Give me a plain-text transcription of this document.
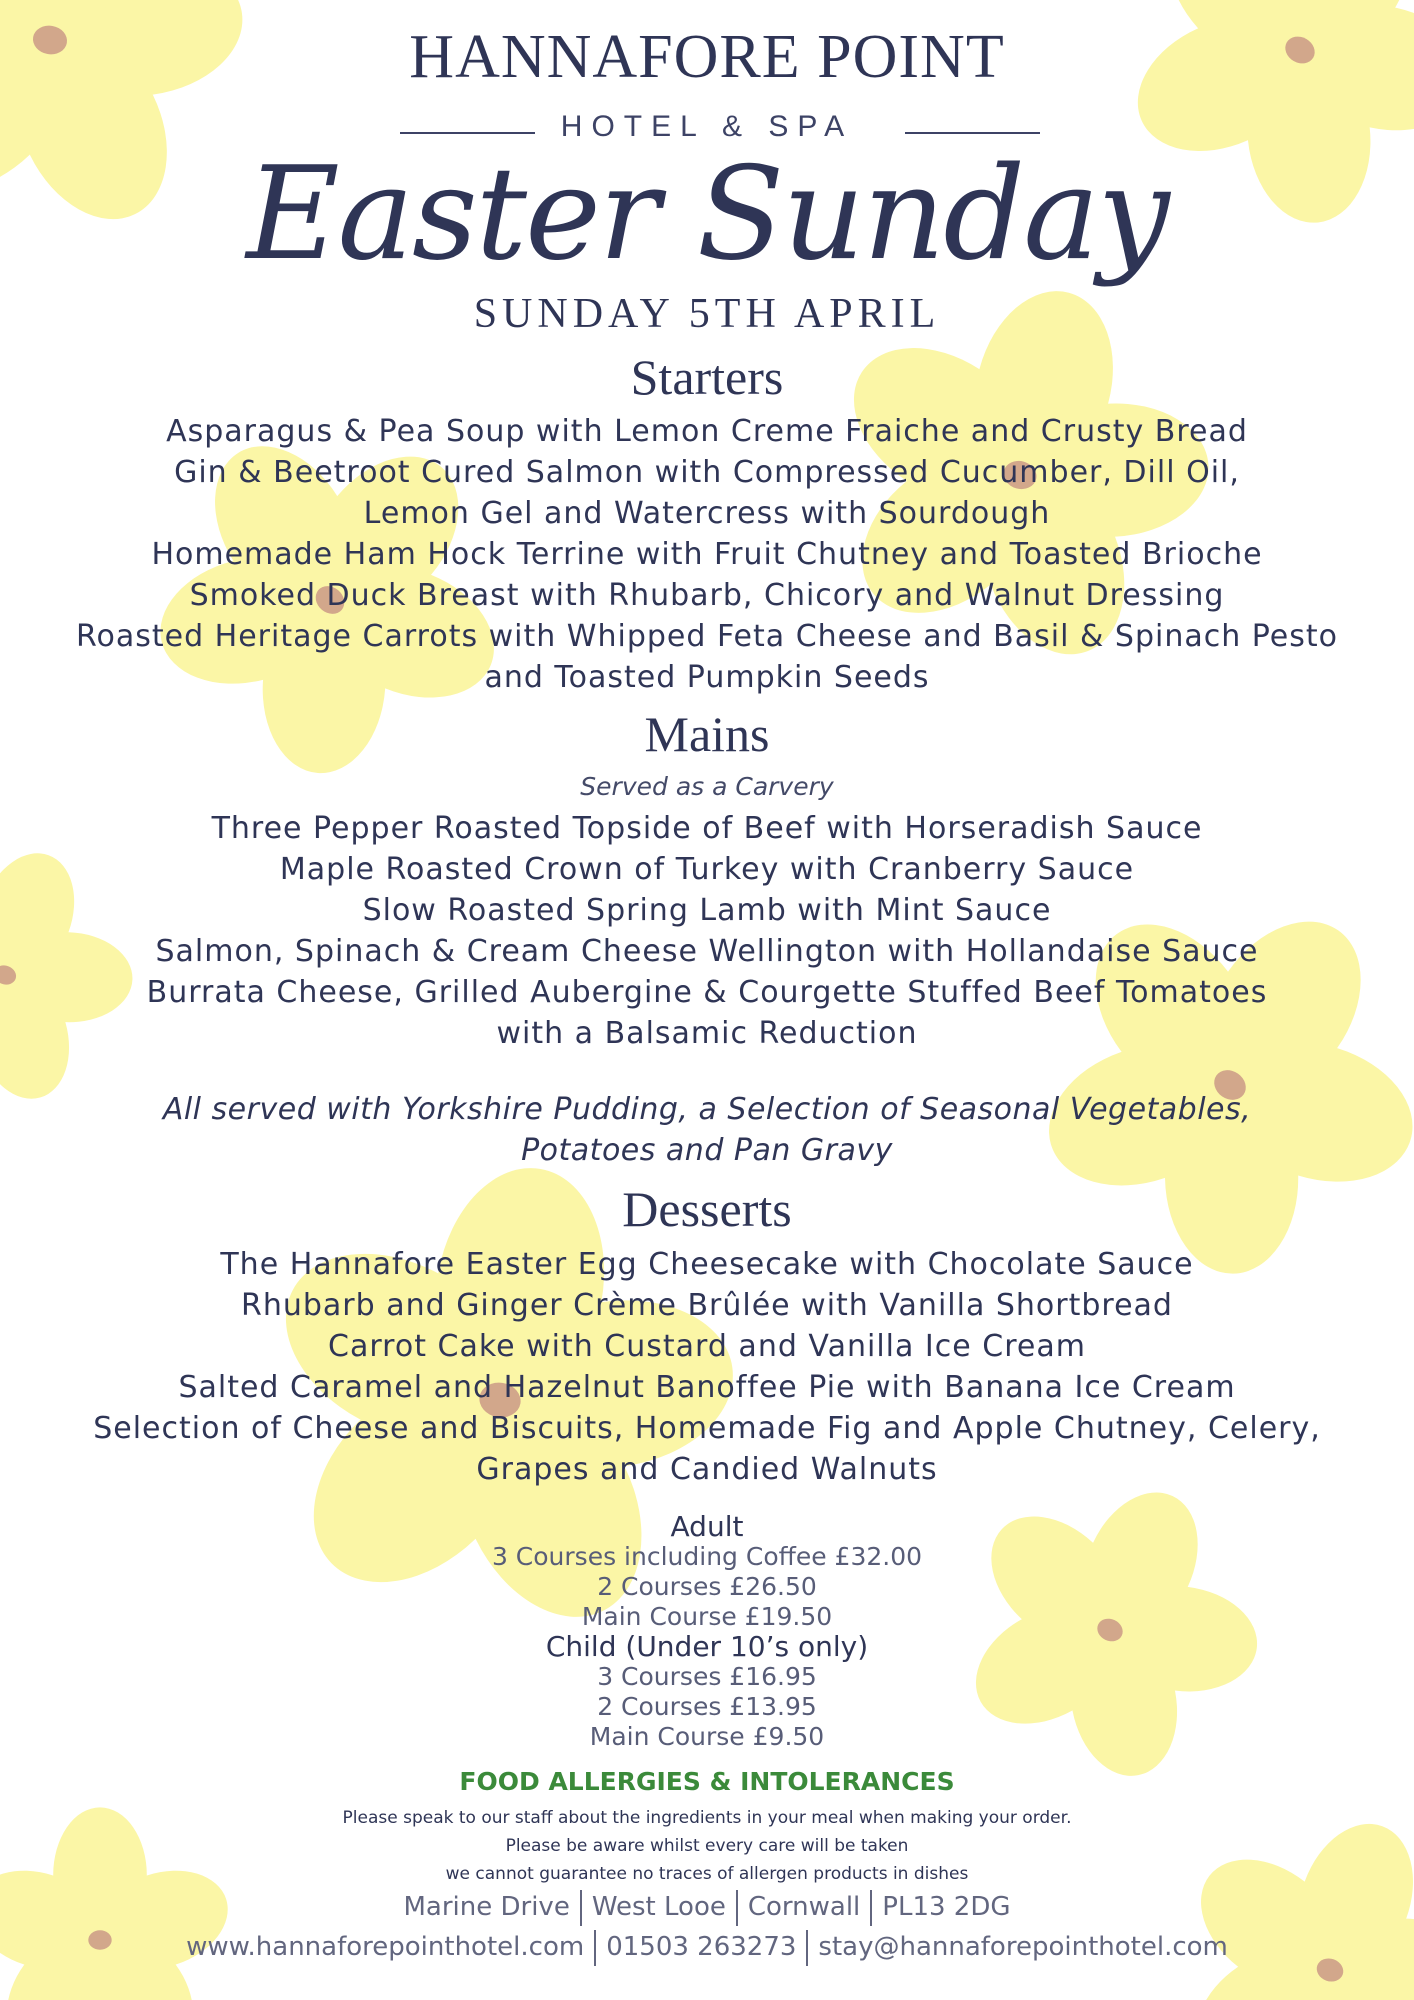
HANNAFORE POINT
HOTEL & SPA
Easter Sunday
SUNDAY 5TH APRIL
Starters
Asparagus & Pea Soup with Lemon Creme Fraiche and Crusty Bread
Gin & Beetroot Cured Salmon with Compressed Cucumber, Dill Oil,
Lemon Gel and Watercress with Sourdough
Homemade Ham Hock Terrine with Fruit Chutney and Toasted Brioche
Smoked Duck Breast with Rhubarb, Chicory and Walnut Dressing
Roasted Heritage Carrots with Whipped Feta Cheese and Basil & Spinach Pesto
and Toasted Pumpkin Seeds
Mains
Served as a Carvery
Three Pepper Roasted Topside of Beef with Horseradish Sauce
Maple Roasted Crown of Turkey with Cranberry Sauce
Slow Roasted Spring Lamb with Mint Sauce
Salmon, Spinach & Cream Cheese Wellington with Hollandaise Sauce
Burrata Cheese, Grilled Aubergine & Courgette Stuffed Beef Tomatoes
with a Balsamic Reduction
All served with Yorkshire Pudding, a Selection of Seasonal Vegetables,
Potatoes and Pan Gravy
Desserts
The Hannafore Easter Egg Cheesecake with Chocolate Sauce
Rhubarb and Ginger Crème Brûlée with Vanilla Shortbread
Carrot Cake with Custard and Vanilla Ice Cream
Salted Caramel and Hazelnut Banoffee Pie with Banana Ice Cream
Selection of Cheese and Biscuits, Homemade Fig and Apple Chutney, Celery,
Grapes and Candied Walnuts
Adult
3 Courses including Coffee £32.00
2 Courses £26.50
Main Course £19.50
Child (Under 10’s only)
3 Courses £16.95
2 Courses £13.95
Main Course £9.50
FOOD ALLERGIES & INTOLERANCES
Please speak to our staff about the ingredients in your meal when making your order.
Please be aware whilst every care will be taken
we cannot guarantee no traces of allergen products in dishes
Marine Drive West Looe Cornwall PL13 2DG
www.hannaforepointhotel.com 01503 263273 stay@hannaforepointhotel.com
